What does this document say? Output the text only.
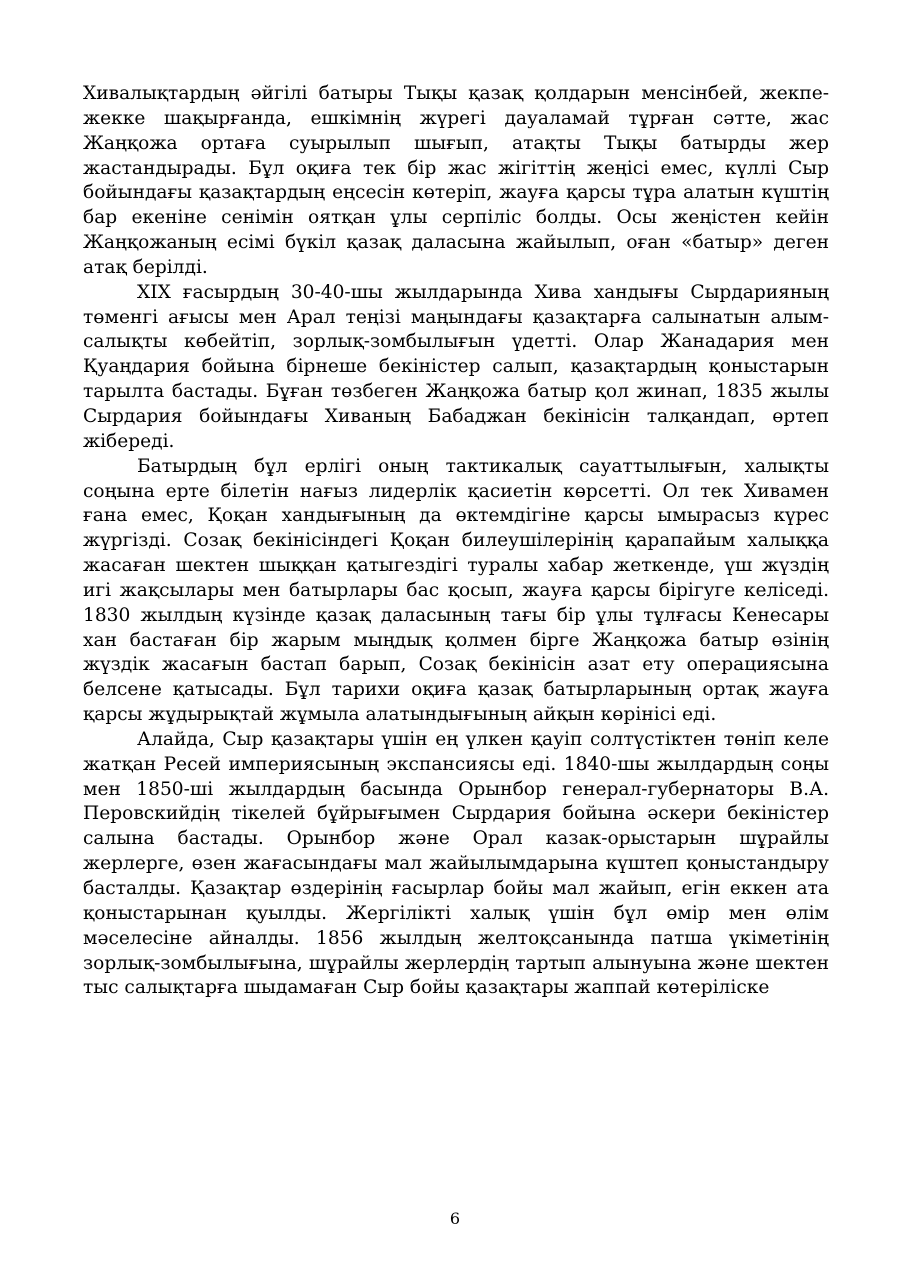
Хивалықтардың әйгілі батыры Тықы қазақ қолдарын менсінбей, жекпе-жекке шақырғанда, ешкімнің жүрегі дауаламай тұрған сәтте, жас Жаңқожа ортаға суырылып шығып, атақты Тықы батырды жер жастандырады. Бұл оқиға тек бір жас жігіттің жеңісі емес, күллі Сыр бойындағы қазақтардың еңсесін көтеріп, жауға қарсы тұра алатын күштің бар екеніне сенімін оятқан ұлы серпіліс болды. Осы жеңістен кейін Жаңқожаның есімі бүкіл қазақ даласына жайылып, оған «батыр» деген атақ берілді.

XIX ғасырдың 30-40-шы жылдарында Хива хандығы Сырдарияның төменгі ағысы мен Арал теңізі маңындағы қазақтарға салынатын алым-салықты көбейтіп, зорлық-зомбылығын үдетті. Олар Жанадария мен Қуаңдария бойына бірнеше бекіністер салып, қазақтардың қоныстарын тарылта бастады. Бұған төзбеген Жаңқожа батыр қол жинап, 1835 жылы Сырдария бойындағы Хиваның Бабаджан бекінісін талқандап, өртеп жібереді.

Батырдың бұл ерлігі оның тактикалық сауаттылығын, халықты соңына ерте білетін нағыз лидерлік қасиетін көрсетті. Ол тек Хивамен ғана емес, Қоқан хандығының да өктемдігіне қарсы ымырасыз күрес жүргізді. Созақ бекінісіндегі Қоқан билеушілерінің қарапайым халыққа жасаған шектен шыққан қатыгездігі туралы хабар жеткенде, үш жүздің игі жақсылары мен батырлары бас қосып, жауға қарсы бірігуге келіседі. 1830 жылдың күзінде қазақ даласының тағы бір ұлы тұлғасы Кенесары хан бастаған бір жарым мыңдық қолмен бірге Жаңқожа батыр өзінің жүздік жасағын бастап барып, Созақ бекінісін азат ету операциясына белсене қатысады. Бұл тарихи оқиға қазақ батырларының ортақ жауға қарсы жұдырықтай жұмыла алатындығының айқын көрінісі еді.

Алайда, Сыр қазақтары үшін ең үлкен қауіп солтүстіктен төніп келе жатқан Ресей империясының экспансиясы еді. 1840-шы жылдардың соңы мен 1850-ші жылдардың басында Орынбор генерал-губернаторы В.А. Перовскийдің тікелей бұйрығымен Сырдария бойына әскери бекіністер салына бастады. Орынбор және Орал казак-орыстарын шұрайлы жерлерге, өзен жағасындағы мал жайылымдарына күштеп қоныстандыру басталды. Қазақтар өздерінің ғасырлар бойы мал жайып, егін еккен ата қоныстарынан қуылды. Жергілікті халық үшін бұл өмір мен өлім мәселесіне айналды. 1856 жылдың желтоқсанында патша үкіметінің зорлық-зомбылығына, шұрайлы жерлердің тартып алынуына және шектен тыс салықтарға шыдамаған Сыр бойы қазақтары жаппай көтеріліске

6
